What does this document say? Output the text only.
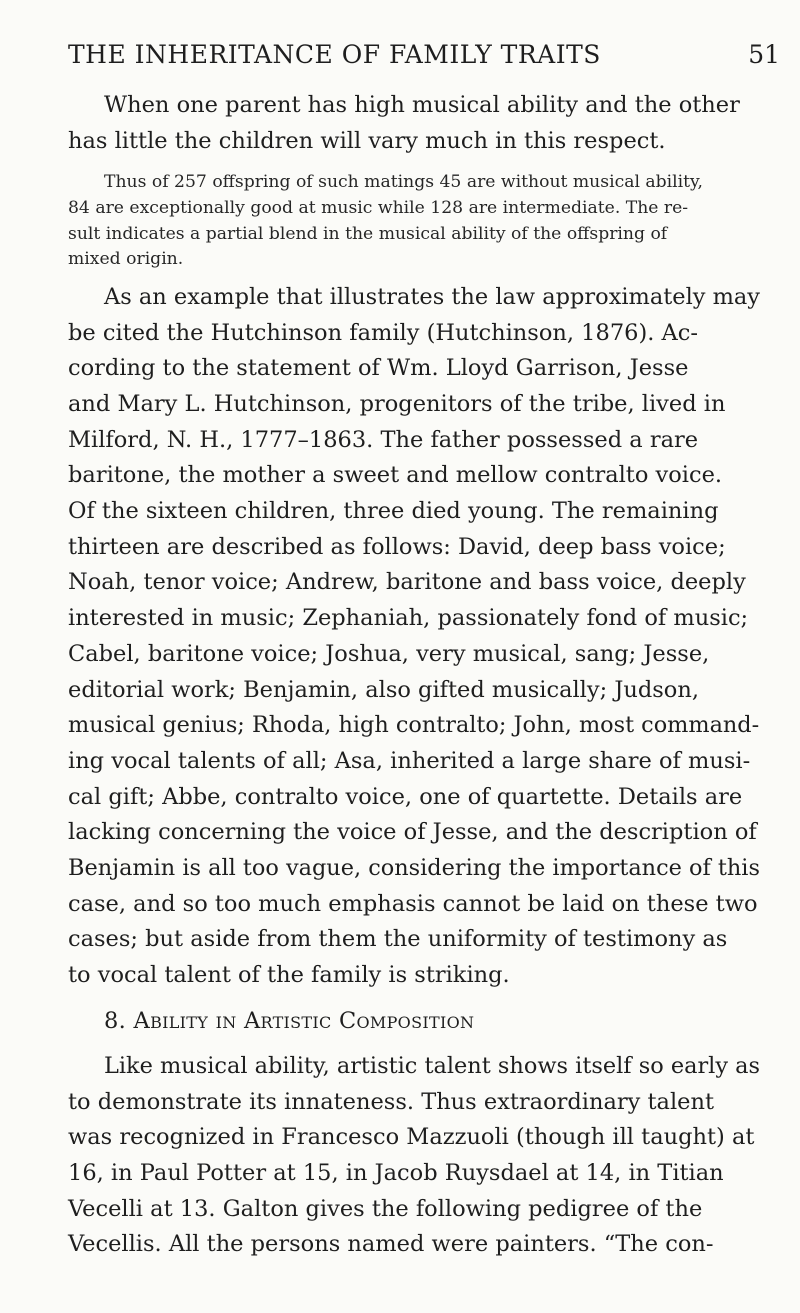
THE INHERITANCE OF FAMILY TRAITS	51
When one parent has high musical ability and the other
has little the children will vary much in this respect.
Thus of 257 offspring of such matings 45 are without musical ability,
84 are exceptionally good at music while 128 are intermediate. The re-
sult indicates a partial blend in the musical ability of the offspring of
mixed origin.
As an example that illustrates the law approximately may
be cited the Hutchinson family (Hutchinson, 1876). Ac-
cording to the statement of Wm. Lloyd Garrison, Jesse
and Mary L. Hutchinson, progenitors of the tribe, lived in
Milford, N. H., 1777–1863. The father possessed a rare
baritone, the mother a sweet and mellow contralto voice.
Of the sixteen children, three died young. The remaining
thirteen are described as follows: David, deep bass voice;
Noah, tenor voice; Andrew, baritone and bass voice, deeply
interested in music; Zephaniah, passionately fond of music;
Cabel, baritone voice; Joshua, very musical, sang; Jesse,
editorial work; Benjamin, also gifted musically; Judson,
musical genius; Rhoda, high contralto; John, most command-
ing vocal talents of all; Asa, inherited a large share of musi-
cal gift; Abbe, contralto voice, one of quartette. Details are
lacking concerning the voice of Jesse, and the description of
Benjamin is all too vague, considering the importance of this
case, and so too much emphasis cannot be laid on these two
cases; but aside from them the uniformity of testimony as
to vocal talent of the family is striking.
8. Ability in Artistic Composition
Like musical ability, artistic talent shows itself so early as
to demonstrate its innateness. Thus extraordinary talent
was recognized in Francesco Mazzuoli (though ill taught) at
16, in Paul Potter at 15, in Jacob Ruysdael at 14, in Titian
Vecelli at 13. Galton gives the following pedigree of the
Vecellis. All the persons named were painters. “The con-
